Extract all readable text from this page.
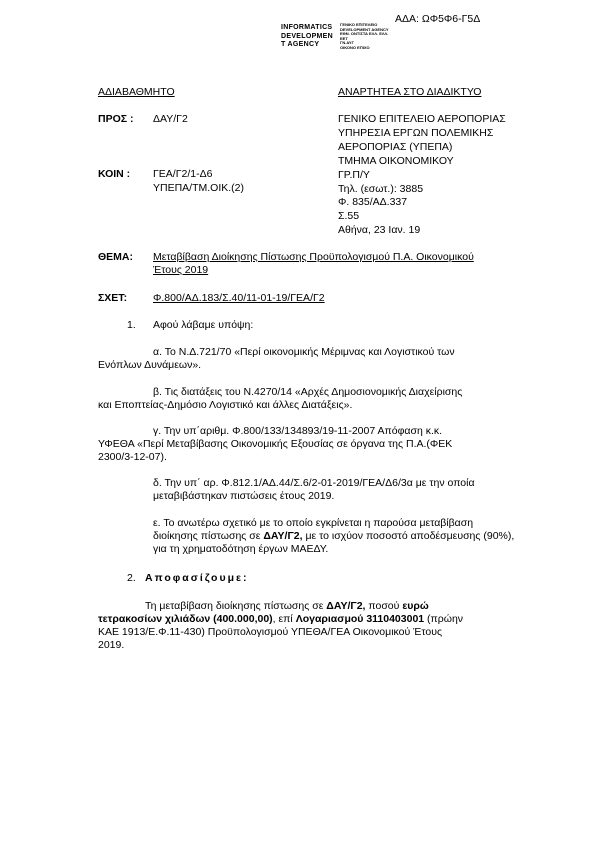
ΑΔΑ: ΩΦ5Φ6-Γ5Δ
INFORMATICS
DEVELOPMEN
T AGENCY
ΓΕΝΙΚΟ ΕΠΙΤΕΛΕΙΟ
DEVELOPMENT AGENCY
ΕΘΝ. ΟΝΤΙΣΤΑ ΕΛΛ. ΕΛΛ.
ΕΕΤ
ΓΝ.ΑΥΓ
ΟΙΚΟΝΟ ΕΠΙΧΟ
ΑΔΙΑΒΑΘΜΗΤΟ	ΑΝΑΡΤΗΤΕΑ ΣΤΟ ΔΙΑΔΙΚΤΥΟ
ΠΡΟΣ : ΔΑΥ/Γ2
ΚΟΙΝ : ΓΕΑ/Γ2/1-Δ6
ΥΠΕΠΑ/ΤΜ.ΟΙΚ.(2)
ΓΕΝΙΚΟ ΕΠΙΤΕΛΕΙΟ ΑΕΡΟΠΟΡΙΑΣ
ΥΠΗΡΕΣΙΑ ΕΡΓΩΝ ΠΟΛΕΜΙΚΗΣ
ΑΕΡΟΠΟΡΙΑΣ (ΥΠΕΠΑ)
ΤΜΗΜΑ ΟΙΚΟΝΟΜΙΚΟΥ
ΓΡ.Π/Υ
Τηλ. (εσωτ.): 3885
Φ. 835/ΑΔ.337
Σ.55
Αθήνα, 23 Ιαν. 19
ΘΕΜΑ: Μεταβίβαση Διοίκησης Πίστωσης Προϋπολογισμού Π.Α. Οικονομικού
Έτους 2019
ΣΧΕΤ: Φ.800/ΑΔ.183/Σ.40/11-01-19/ΓΕΑ/Γ2
1. Αφού λάβαμε υπόψη:
α. Το Ν.Δ.721/70 «Περί οικονομικής Μέριμνας και Λογιστικού των
Ενόπλων Δυνάμεων».
β. Τις διατάξεις του Ν.4270/14 «Αρχές Δημοσιονομικής Διαχείρισης
και Εποπτείας-Δημόσιο Λογιστικό και άλλες Διατάξεις».
γ. Την υπ΄αριθμ. Φ.800/133/134893/19-11-2007 Απόφαση κ.κ.
ΥΦΕΘΑ «Περί Μεταβίβασης Οικονομικής Εξουσίας σε όργανα της Π.Α.(ΦΕΚ
2300/3-12-07).
δ. Την υπ΄ αρ. Φ.812.1/ΑΔ.44/Σ.6/2-01-2019/ΓΕΑ/Δ6/3α με την οποία
μεταβιβάστηκαν πιστώσεις έτους 2019.
ε. Το ανωτέρω σχετικό με το οποίο εγκρίνεται η παρούσα μεταβίβαση
διοίκησης πίστωσης σε ΔΑΥ/Γ2, με το ισχύον ποσοστό αποδέσμευσης (90%),
για τη χρηματοδότηση έργων ΜΑΕΔΥ.
2. Αποφασίζουμε:
Τη μεταβίβαση διοίκησης πίστωσης σε ΔΑΥ/Γ2, ποσού ευρώ
τετρακοσίων χιλιάδων (400.000,00), επί Λογαριασμού 3110403001 (πρώην
ΚΑΕ 1913/Ε.Φ.11-430) Προϋπολογισμού ΥΠΕΘΑ/ΓΕΑ Οικονομικού Έτους
2019.
